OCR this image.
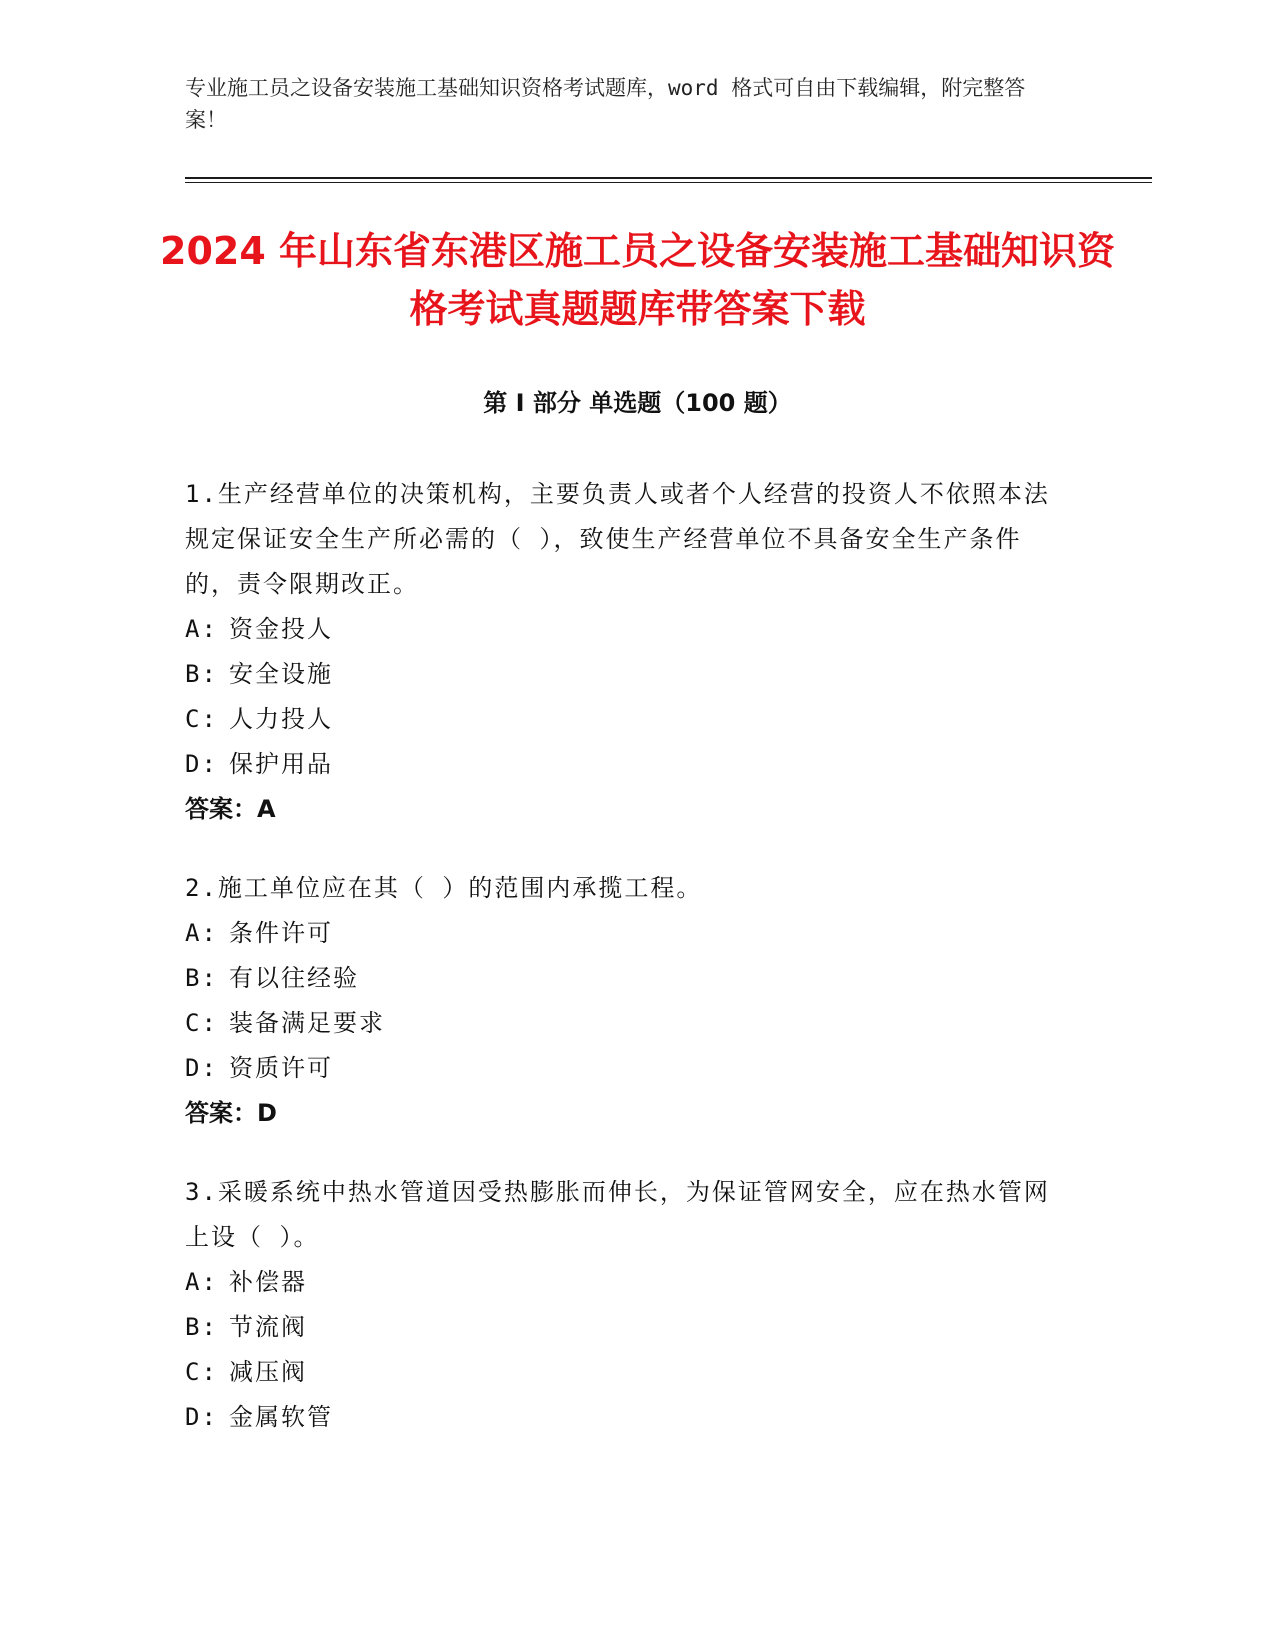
专业施工员之设备安装施工基础知识资格考试题库，word 格式可自由下载编辑，附完整答案！
2024 年山东省东港区施工员之设备安装施工基础知识资格考试真题题库带答案下载
第 I 部分 单选题（100 题）
1.生产经营单位的决策机构，主要负责人或者个人经营的投资人不依照本法规定保证安全生产所必需的（ ），致使生产经营单位不具备安全生产条件的，责令限期改正。
A: 资金投人
B: 安全设施
C: 人力投人
D: 保护用品
答案：A
2.施工单位应在其（ ）的范围内承揽工程。
A: 条件许可
B: 有以往经验
C: 装备满足要求
D: 资质许可
答案：D
3.采暖系统中热水管道因受热膨胀而伸长，为保证管网安全，应在热水管网上设（ ）。
A: 补偿器
B: 节流阀
C: 减压阀
D: 金属软管
